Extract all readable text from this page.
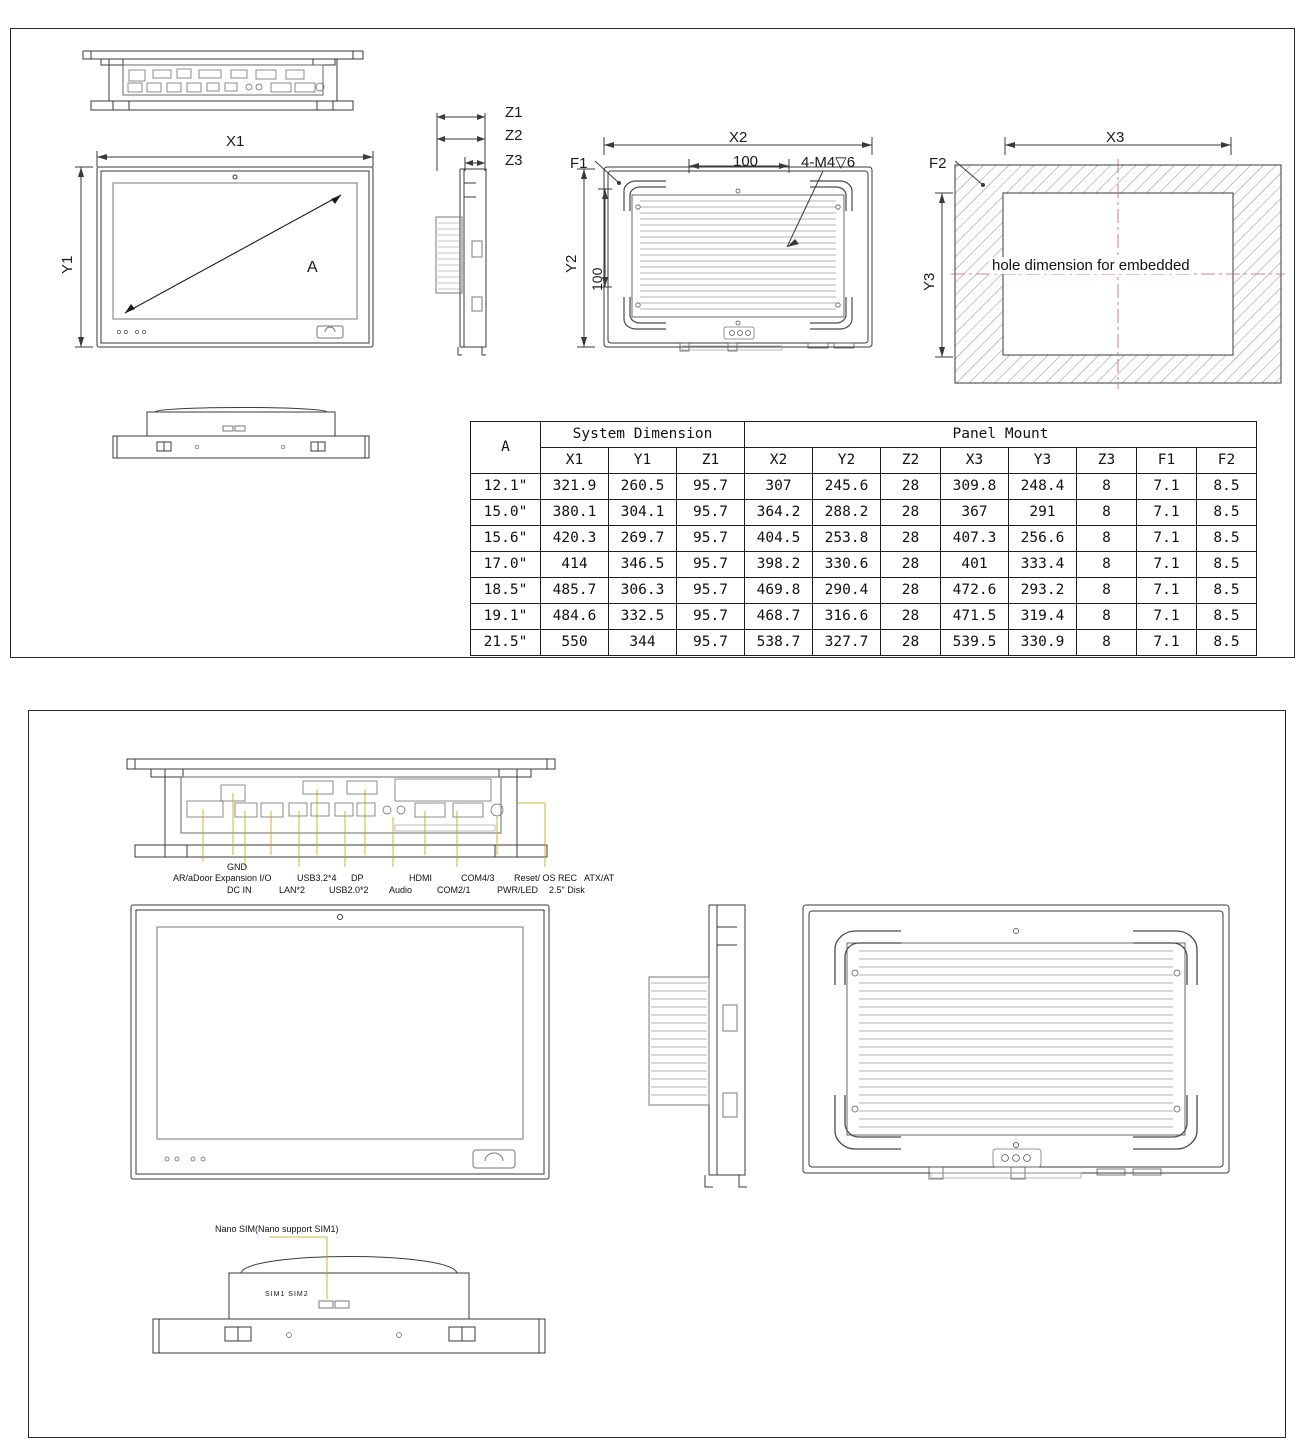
A
X1
Y1
Z1
Z2
Z3
X2
100	4-M4▽6
Y2
100
F1
hole dimension for embedded
X3
Y3
F2
A	System Dimension			Panel Mount							
	X1	Y1	Z1	X2	Y2	Z2	X3	Y3	Z3	F1	F2
12.1"	321.9	260.5	95.7	307	245.6	28	309.8	248.4	8	7.1	8.5
15.0"	380.1	304.1	95.7	364.2	288.2	28	367	291	8	7.1	8.5
15.6"	420.3	269.7	95.7	404.5	253.8	28	407.3	256.6	8	7.1	8.5
17.0"	414	346.5	95.7	398.2	330.6	28	401	333.4	8	7.1	8.5
18.5"	485.7	306.3	95.7	469.8	290.4	28	472.6	293.2	8	7.1	8.5
19.1"	484.6	332.5	95.7	468.7	316.6	28	471.5	319.4	8	7.1	8.5
21.5"	550	344	95.7	538.7	327.7	28	539.5	330.9	8	7.1	8.5
GND
AR/aDoor Expansion I/O	USB3.2*4 DP	HDMI	COM4/3 Reset/ OS REC ATX/AT
DC IN	LAN*2	USB2.0*2 Audio	COM2/1	PWR/LED 2.5" Disk
Nano SIM(Nano support SIM1)
SIM1 SIM2
